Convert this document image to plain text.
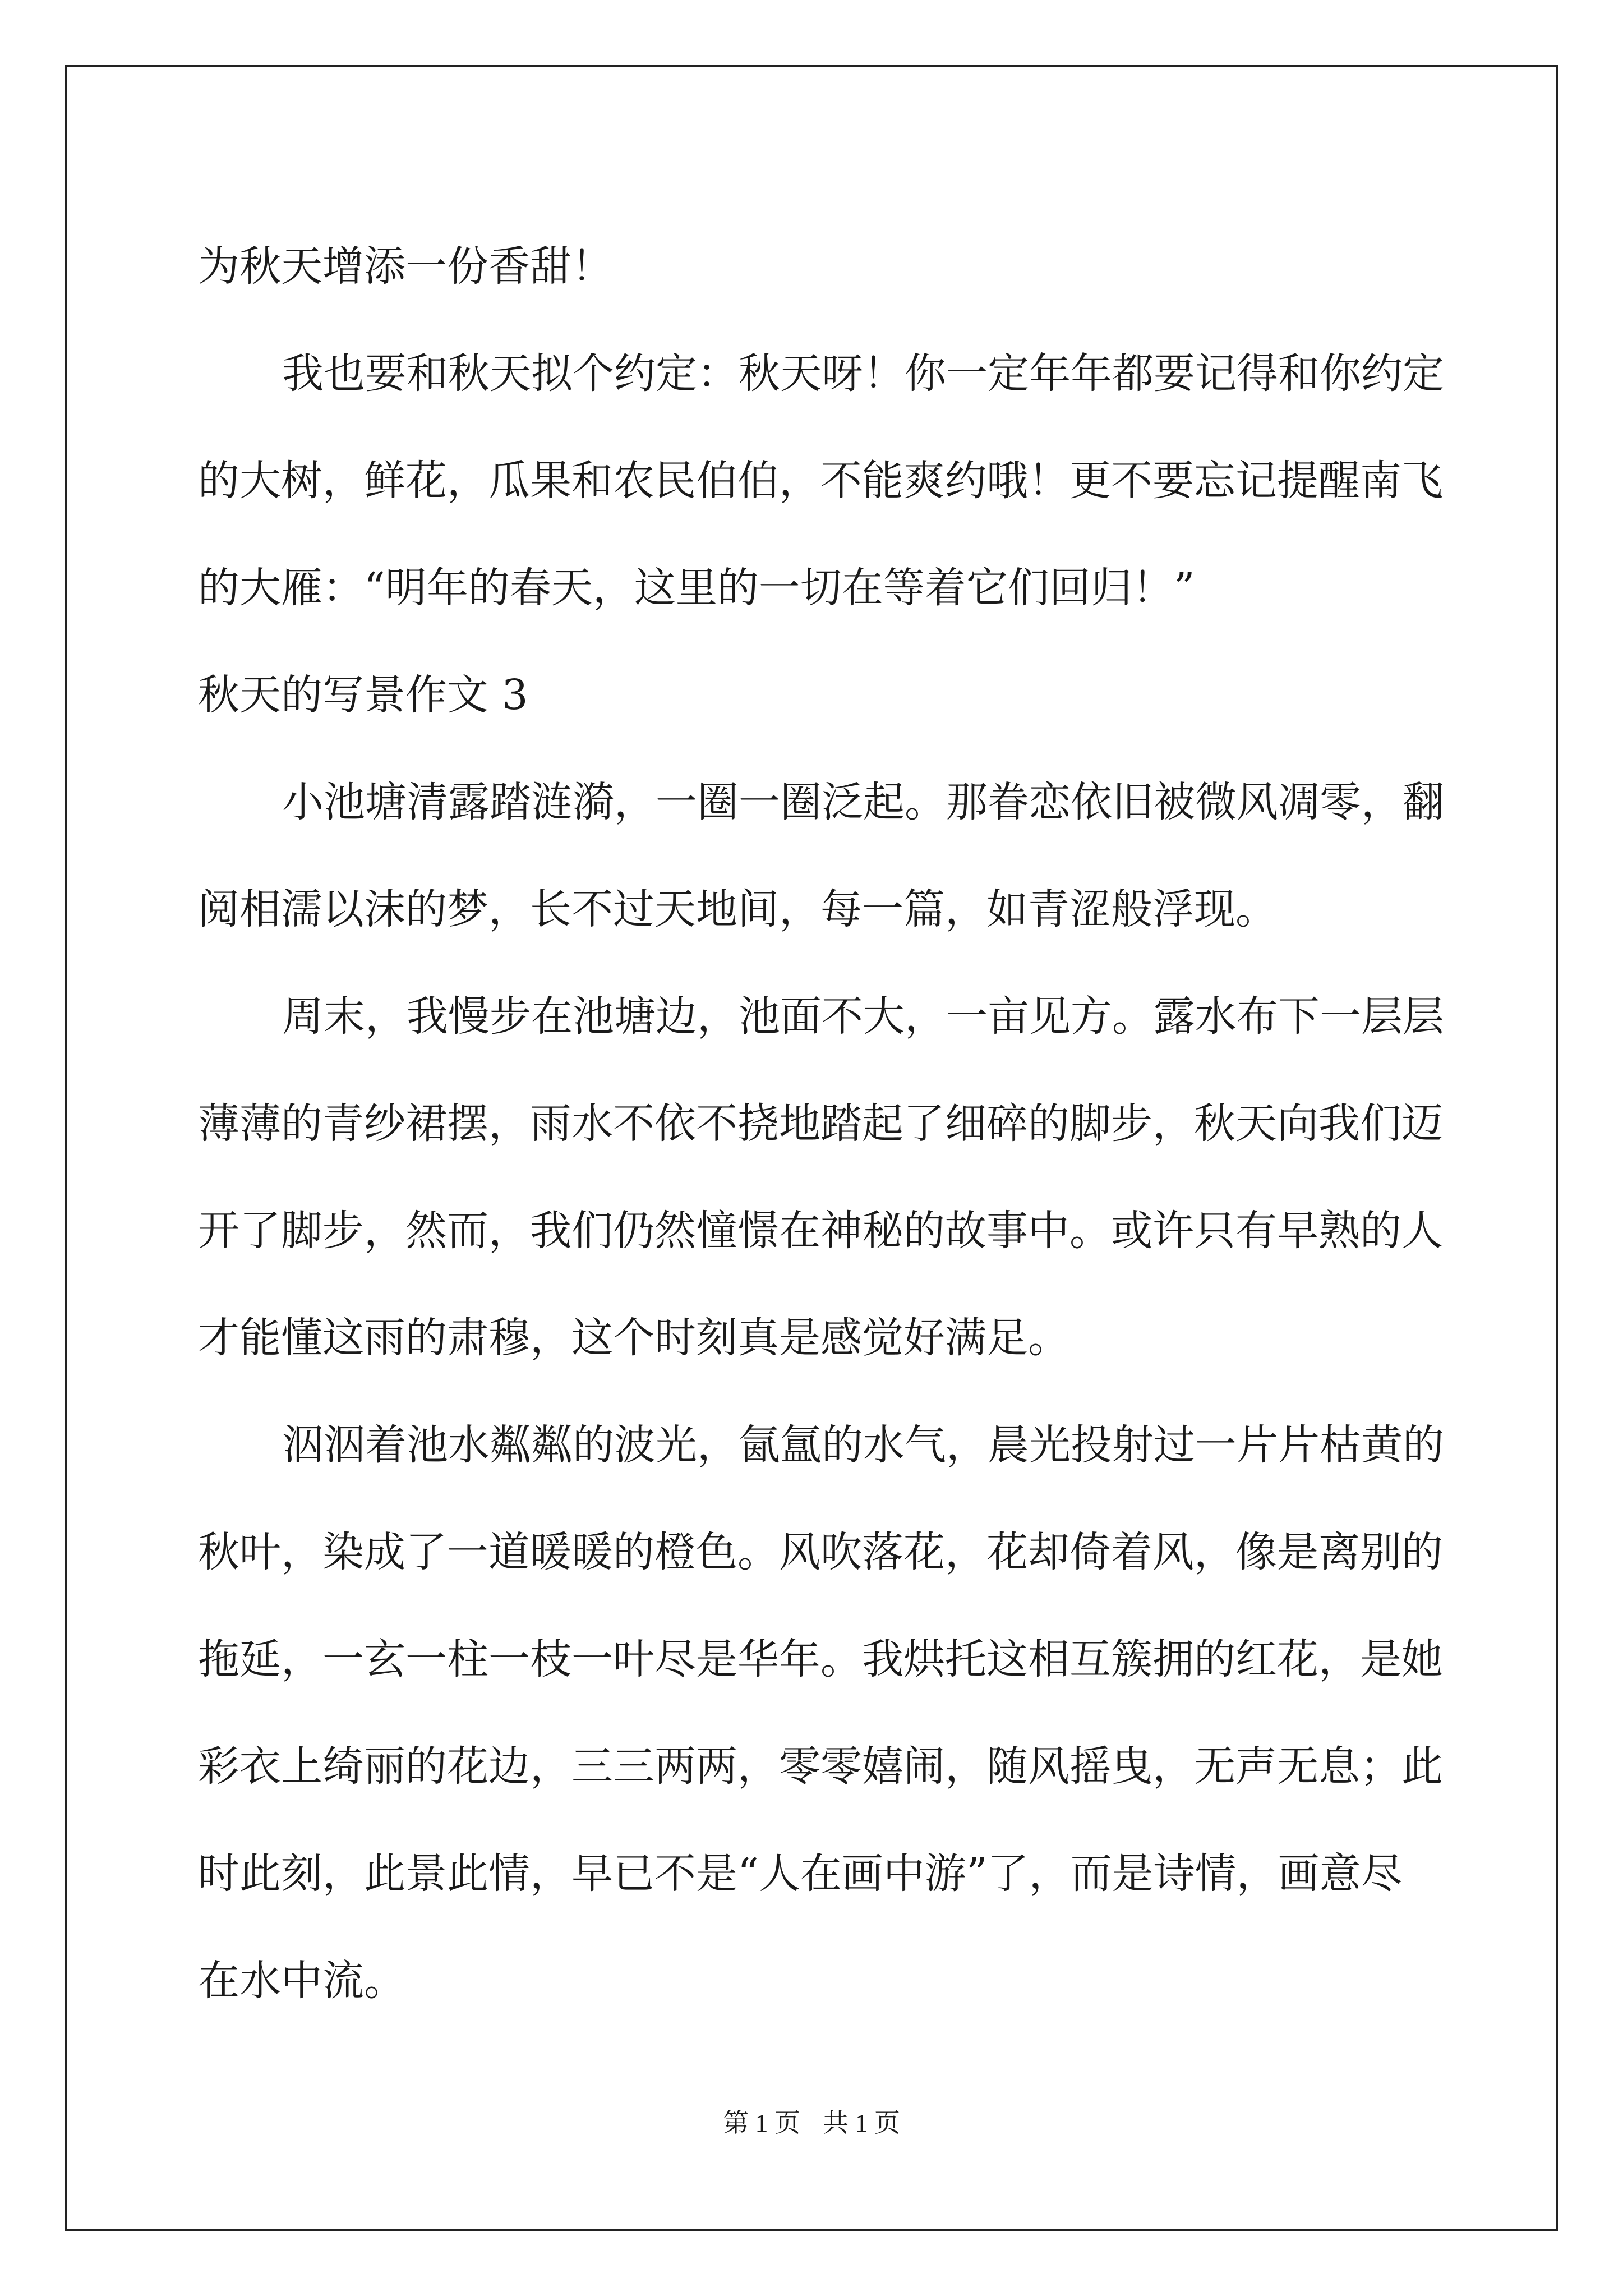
为秋天增添一份香甜！

我也要和秋天拟个约定：秋天呀！你一定年年都要记得和你约定

的大树，鲜花，瓜果和农民伯伯，不能爽约哦！更不要忘记提醒南飞

的大雁：“明年的春天，这里的一切在等着它们回归！”

秋天的写景作文 3

小池塘清露踏涟漪，一圈一圈泛起。那眷恋依旧被微风凋零，翻

阅相濡以沫的梦，长不过天地间，每一篇，如青涩般浮现。

周末，我慢步在池塘边，池面不大，一亩见方。露水布下一层层

薄薄的青纱裙摆，雨水不依不挠地踏起了细碎的脚步，秋天向我们迈

开了脚步，然而，我们仍然憧憬在神秘的故事中。或许只有早熟的人

才能懂这雨的肃穆，这个时刻真是感觉好满足。

泅泅着池水粼粼的波光，氤氲的水气，晨光投射过一片片枯黄的

秋叶，染成了一道暖暖的橙色。风吹落花，花却倚着风，像是离别的

拖延，一玄一柱一枝一叶尽是华年。我烘托这相互簇拥的红花，是她

彩衣上绮丽的花边，三三两两，零零嬉闹，随风摇曳，无声无息；此

时此刻，此景此情，早已不是“人在画中游”了，而是诗情，画意尽

在水中流。

第 1 页 共 1 页
